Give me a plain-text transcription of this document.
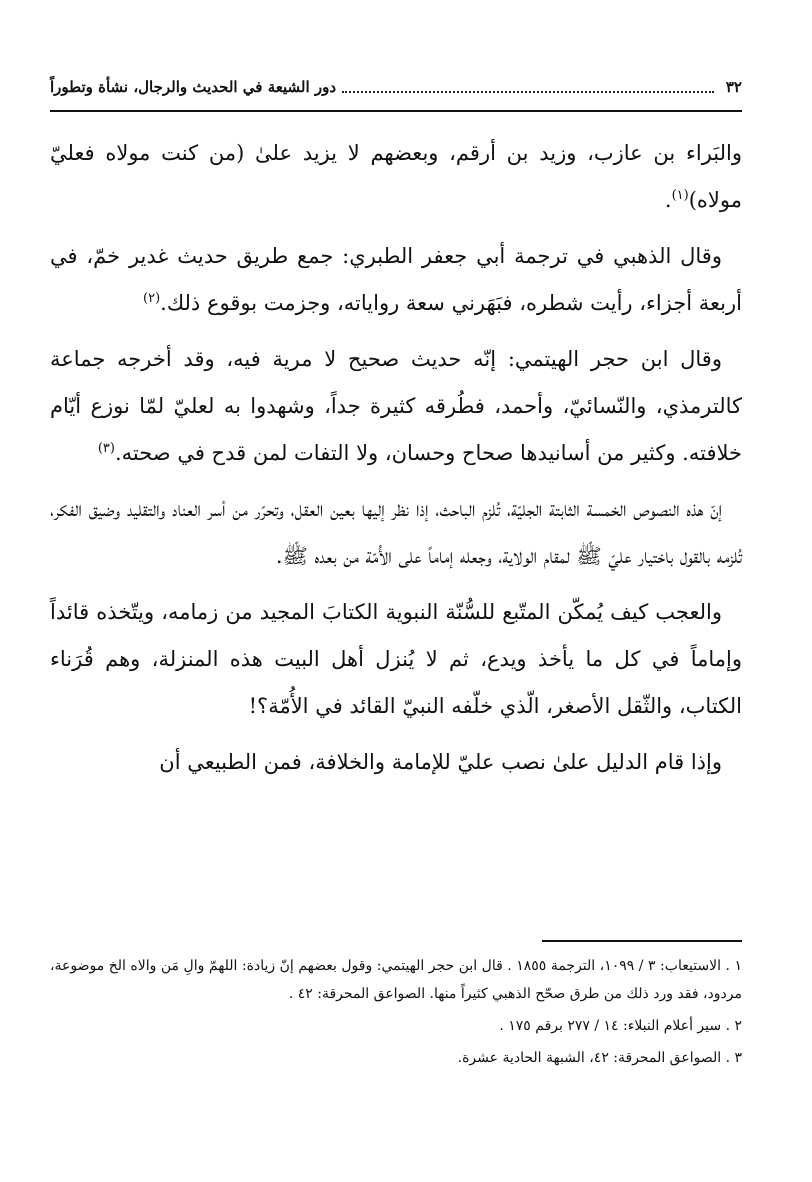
٣٢
دور الشيعة في الحديث والرجال، نشأة وتطوراً

والبَراء بن عازب، وزيد بن أرقم، وبعضهم لا يزيد علىٰ (من كنت مولاه فعليّ مولاه)$^{(١)}$.

وقال الذهبي في ترجمة أبي جعفر الطبري: جمع طريق حديث غدير خمّ، في أربعة أجزاء، رأيت شطره، فبَهَرني سعة رواياته، وجزمت بوقوع ذلك.$^{(٢)}$

وقال ابن حجر الهيتمي: إنّه حديث صحيح لا مرية فيه، وقد أخرجه جماعة كالترمذي، والنّسائيّ، وأحمد، فطُرقه كثيرة جداً، وشهدوا به لعليّ لمّا نوزع أيّام خلافته. وكثير من أسانيدها صحاح وحسان، ولا التفات لمن قدح في صحته.$^{(٣)}$

إنّ هذه النصوص الخمسة الثابتة الجليّة، تُلزم الباحث، إذا نظر إليها بعين العقل، وتحرّر من أسر العناد والتقليد وضيق الفكر، تُلزمه بالقول باختيار عليّ ﷺ لمقام الولاية، وجعله إماماً على الأُمّة من بعده ﷺ.

والعجب كيف يُمكّن المتّبع للسُّنّة النبوية الكتابَ المجيد من زمامه، ويتّخذه قائداً وإماماً في كل ما يأخذ ويدع، ثم لا يُنزل أهل البيت هذه المنزلة، وهم قُرَناء الكتاب، والثّقل الأصغر، الّذي خلّفه النبيّ القائد في الأُمّة؟!

وإذا قام الدليل علىٰ نصب عليّ للإمامة والخلافة، فمن الطبيعي أن

١ . الاستيعاب: ٣ / ١٠٩٩، الترجمة ١٨٥٥ . قال ابن حجر الهيتمي: وقول بعضهم إنّ زيادة: اللهمّ والِ مَن والاه الخ موضوعة، مردود، فقد ورد ذلك من طرق صحّح الذهبي كثيراً منها. الصواعق المحرقة: ٤٢ .

٢ . سير أعلام النبلاء: ١٤ / ٢٧٧ برقم ١٧٥ .

٣ . الصواعق المحرقة: ٤٢، الشبهة الحادية عشرة.
